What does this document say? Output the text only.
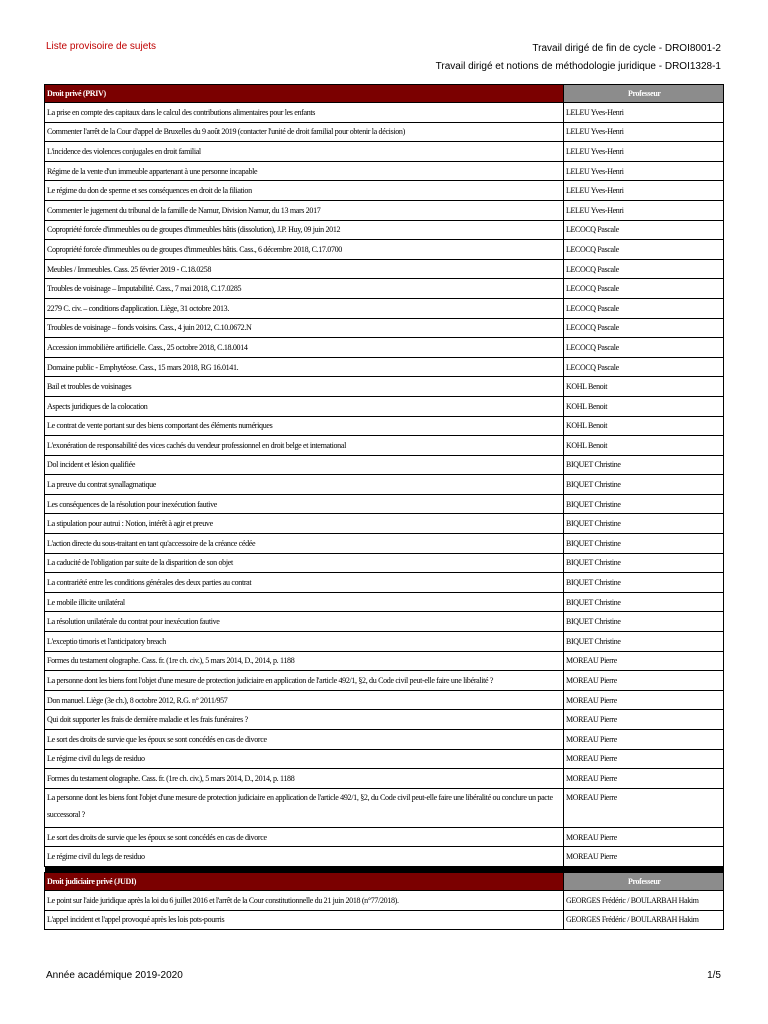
Liste provisoire de sujets	Travail dirigé de fin de cycle - DROI8001-2
Travail dirigé et notions de méthodologie juridique - DROI1328-1
Droit privé (PRIV)	Professeur
La prise en compte des capitaux dans le calcul des contributions alimentaires pour les enfants	LELEU Yves-Henri
Commenter l'arrêt de la Cour d'appel de Bruxelles du 9 août 2019 (contacter l'unité de droit familial pour obtenir la décision)	LELEU Yves-Henri
L'incidence des violences conjugales en droit familial	LELEU Yves-Henri
Régime de la vente d'un immeuble appartenant à une personne incapable	LELEU Yves-Henri
Le régime du don de sperme et ses conséquences en droit de la filiation	LELEU Yves-Henri
Commenter le jugement du tribunal de la famille de Namur, Division Namur, du 13 mars 2017	LELEU Yves-Henri
Copropriété forcée d'immeubles ou de groupes d'immeubles bâtis (dissolution), J.P. Huy, 09 juin 2012	LECOCQ Pascale
Copropriété forcée d'immeubles ou de groupes d'immeubles bâtis. Cass., 6 décembre 2018, C.17.0700	LECOCQ Pascale
Meubles / Immeubles. Cass. 25 février 2019 - C.18.0258	LECOCQ Pascale
Troubles de voisinage – Imputabilité. Cass., 7 mai 2018, C.17.0285	LECOCQ Pascale
2279 C. civ. – conditions d'application. Liège, 31 octobre 2013.	LECOCQ Pascale
Troubles de voisinage – fonds voisins. Cass., 4 juin 2012, C.10.0672.N	LECOCQ Pascale
Accession immobilière artificielle. Cass., 25 octobre 2018, C.18.0014	LECOCQ Pascale
Domaine public - Emphytéose. Cass., 15 mars 2018, RG 16.0141.	LECOCQ Pascale
Bail et troubles de voisinages	KOHL Benoit
Aspects juridiques de la colocation	KOHL Benoit
Le contrat de vente portant sur des biens comportant des éléments numériques	KOHL Benoit
L'exonération de responsabilité des vices cachés du vendeur professionnel en droit belge et international	KOHL Benoit
Dol incident et lésion qualifiée	BIQUET Christine
La preuve du contrat synallagmatique	BIQUET Christine
Les conséquences de la résolution pour inexécution fautive	BIQUET Christine
La stipulation pour autrui : Notion, intérêt à agir et preuve	BIQUET Christine
L'action directe du sous-traitant en tant qu'accessoire de la créance cédée	BIQUET Christine
La caducité de l'obligation par suite de la disparition de son objet	BIQUET Christine
La contrariété entre les conditions générales des deux parties au contrat	BIQUET Christine
Le mobile illicite unilatéral	BIQUET Christine
La résolution unilatérale du contrat pour inexécution fautive	BIQUET Christine
L'exceptio timoris et l'anticipatory breach	BIQUET Christine
Formes du testament olographe. Cass. fr. (1re ch. civ.), 5 mars 2014, D., 2014, p. 1188	MOREAU Pierre
La personne dont les biens font l'objet d'une mesure de protection judiciaire en application de l'article 492/1, §2, du Code civil peut-elle faire une libéralité ?	MOREAU Pierre
Don manuel. Liège (3e ch.), 8 octobre 2012, R.G. n° 2011/957	MOREAU Pierre
Qui doit supporter les frais de dernière maladie et les frais funéraires ?	MOREAU Pierre
Le sort des droits de survie que les époux se sont concédés en cas de divorce	MOREAU Pierre
Le régime civil du legs de residuo	MOREAU Pierre
Formes du testament olographe. Cass. fr. (1re ch. civ.), 5 mars 2014, D., 2014, p. 1188	MOREAU Pierre
La personne dont les biens font l'objet d'une mesure de protection judiciaire en application de l'article 492/1, §2, du Code civil peut-elle faire une libéralité ou conclure un pacte successoral ?	MOREAU Pierre
Le sort des droits de survie que les époux se sont concédés en cas de divorce	MOREAU Pierre
Le régime civil du legs de residuo	MOREAU Pierre

Droit judiciaire privé (JUDI)	Professeur
Le point sur l'aide juridique après la loi du 6 juillet 2016 et l'arrêt de la Cour constitutionnelle du 21 juin 2018 (n°77/2018).	GEORGES Frédéric / BOULARBAH Hakim
L'appel incident et l'appel provoqué après les lois pots-pourris	GEORGES Frédéric / BOULARBAH Hakim
Année académique 2019-2020	1/5
